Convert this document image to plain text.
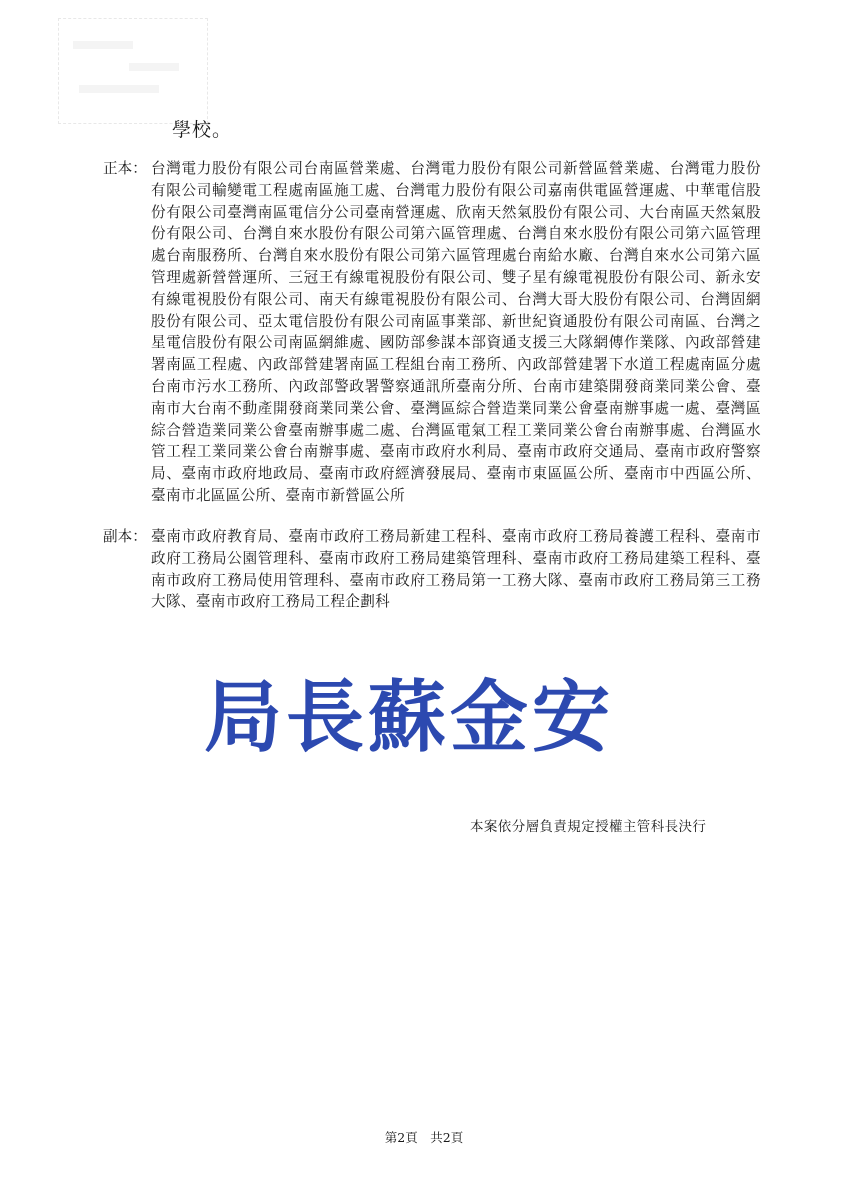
學校。
正本： 台灣電力股份有限公司台南區營業處、台灣電力股份有限公司新營區營業處、台灣電力股份有限公司輸變電工程處南區施工處、台灣電力股份有限公司嘉南供電區營運處、中華電信股份有限公司臺灣南區電信分公司臺南營運處、欣南天然氣股份有限公司、大台南區天然氣股份有限公司、台灣自來水股份有限公司第六區管理處、台灣自來水股份有限公司第六區管理處台南服務所、台灣自來水股份有限公司第六區管理處台南給水廠、台灣自來水公司第六區管理處新營營運所、三冠王有線電視股份有限公司、雙子星有線電視股份有限公司、新永安有線電視股份有限公司、南天有線電視股份有限公司、台灣大哥大股份有限公司、台灣固網股份有限公司、亞太電信股份有限公司南區事業部、新世紀資通股份有限公司南區、台灣之星電信股份有限公司南區網維處、國防部參謀本部資通支援三大隊網傳作業隊、內政部營建署南區工程處、內政部營建署南區工程組台南工務所、內政部營建署下水道工程處南區分處台南市污水工務所、內政部警政署警察通訊所臺南分所、台南市建築開發商業同業公會、臺南市大台南不動產開發商業同業公會、臺灣區綜合營造業同業公會臺南辦事處一處、臺灣區綜合營造業同業公會臺南辦事處二處、台灣區電氣工程工業同業公會台南辦事處、台灣區水管工程工業同業公會台南辦事處、臺南市政府水利局、臺南市政府交通局、臺南市政府警察局、臺南市政府地政局、臺南市政府經濟發展局、臺南市東區區公所、臺南市中西區公所、臺南市北區區公所、臺南市新營區公所
副本： 臺南市政府教育局、臺南市政府工務局新建工程科、臺南市政府工務局養護工程科、臺南市政府工務局公園管理科、臺南市政府工務局建築管理科、臺南市政府工務局建築工程科、臺南市政府工務局使用管理科、臺南市政府工務局第一工務大隊、臺南市政府工務局第三工務大隊、臺南市政府工務局工程企劃科
局長蘇金安
本案依分層負責規定授權主管科長決行
第2頁　共2頁
